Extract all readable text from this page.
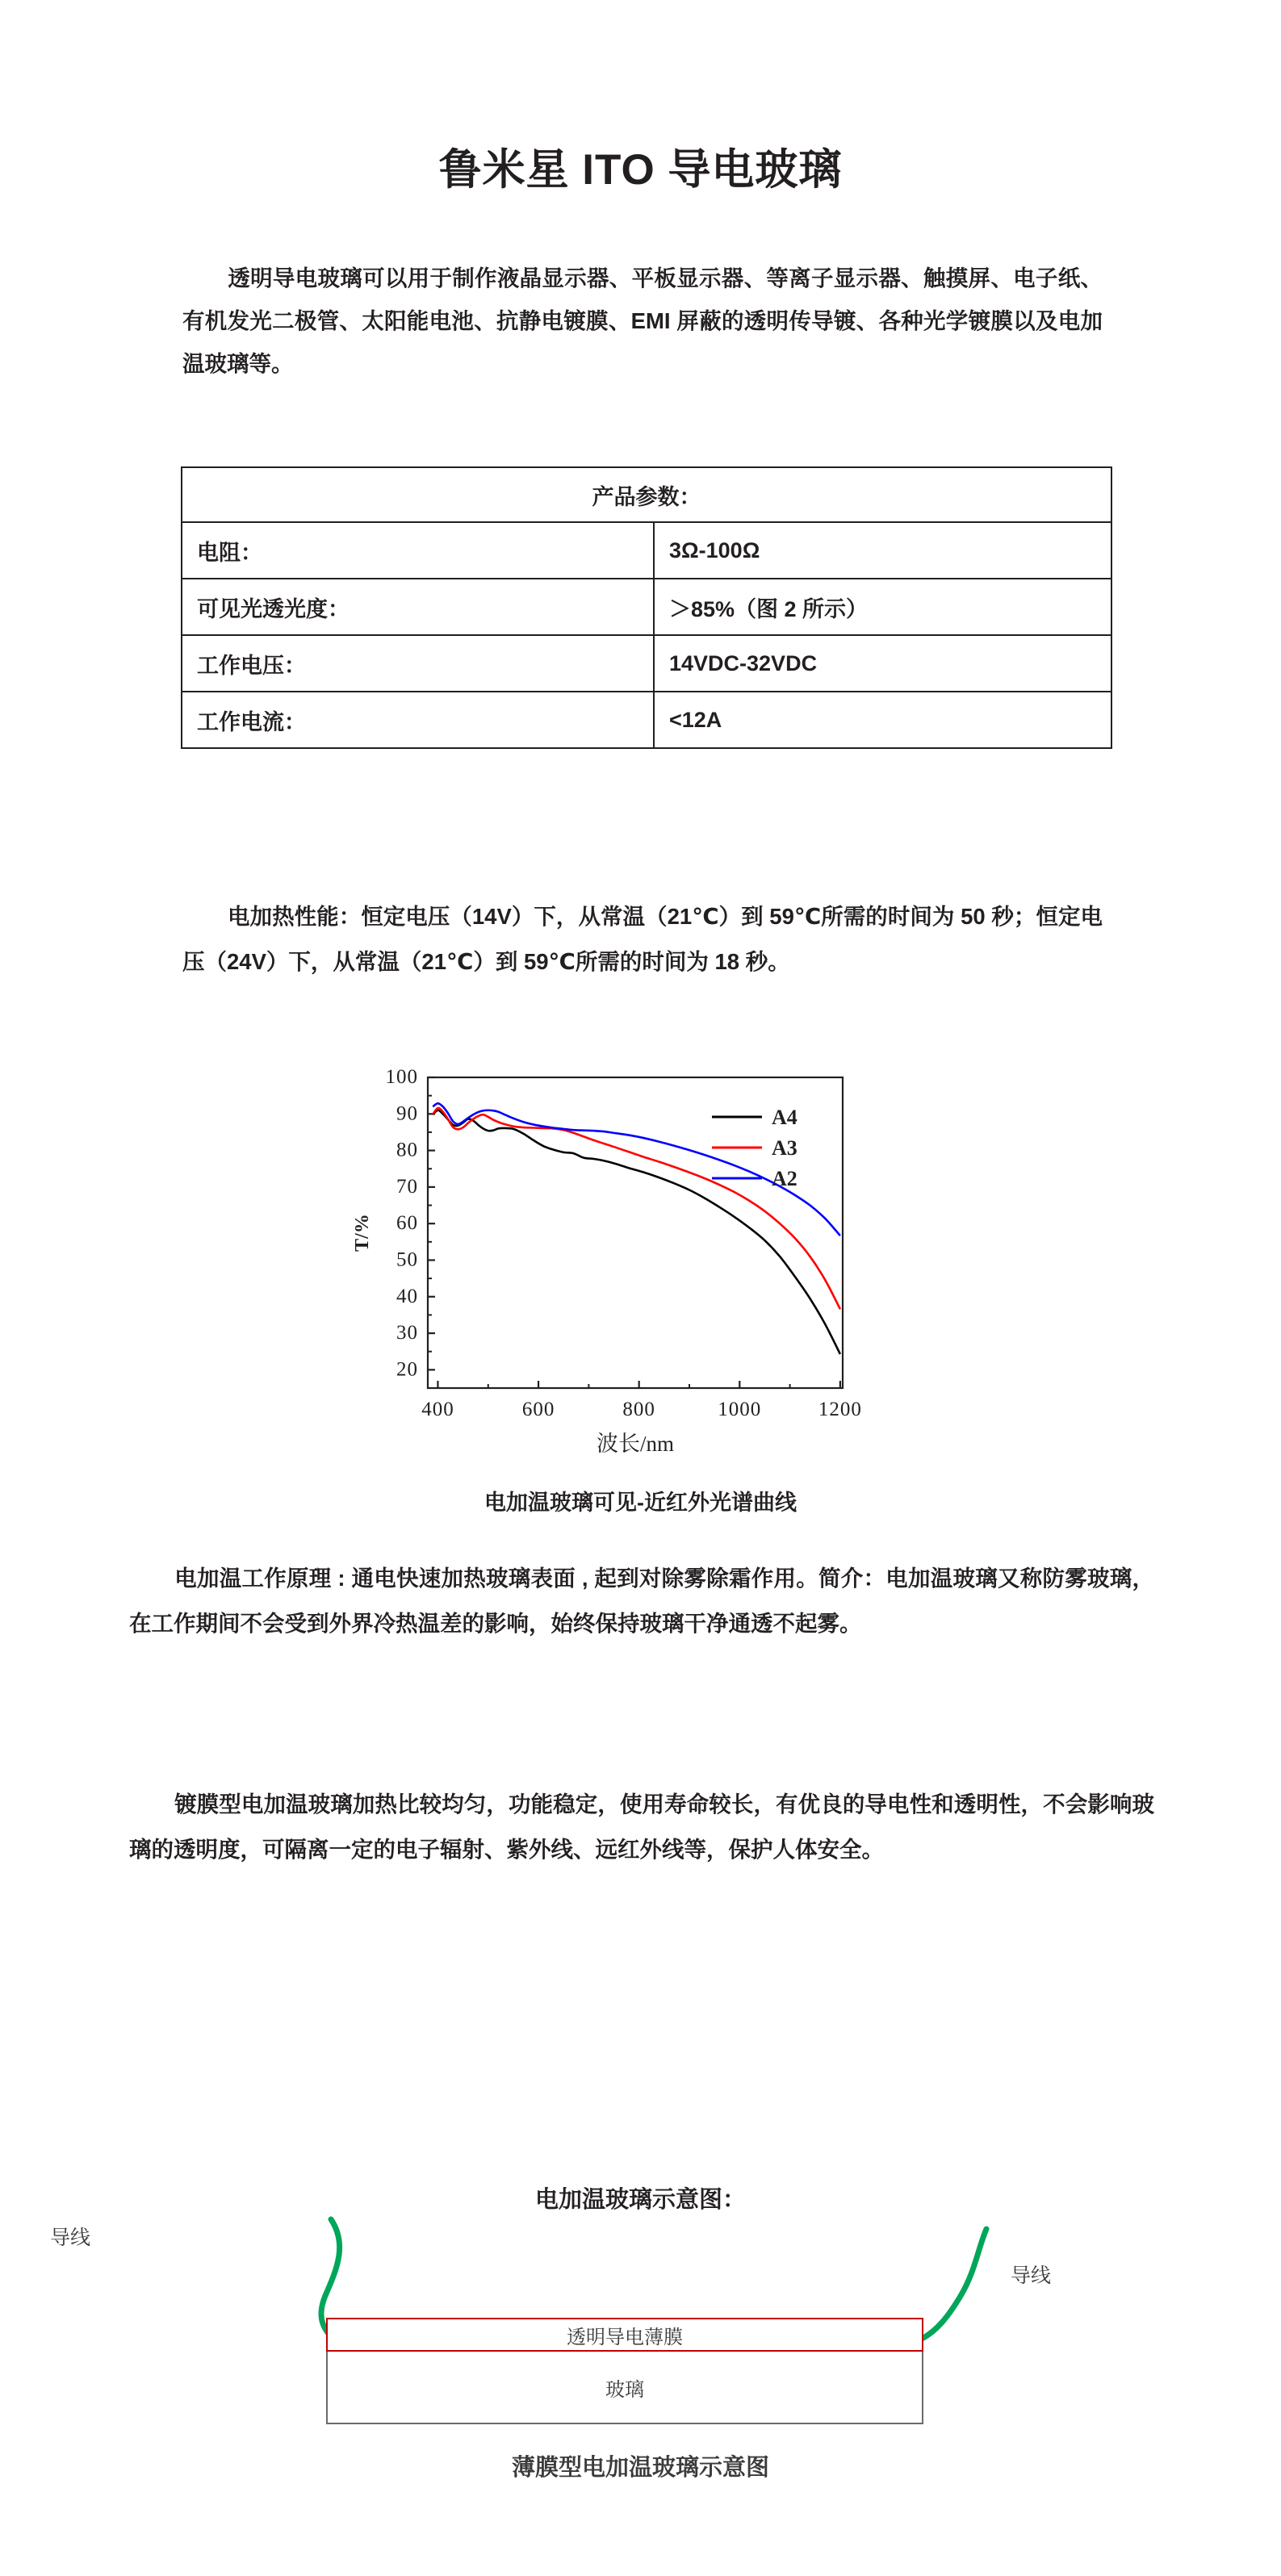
鲁米星 ITO 导电玻璃

透明导电玻璃可以用于制作液晶显示器、平板显示器、等离子显示器、触摸屏、电子纸、有机发光二极管、太阳能电池、抗静电镀膜、EMI 屏蔽的透明传导镀、各种光学镀膜以及电加温玻璃等。

产品参数：	
电阻：	3Ω-100Ω
可见光透光度：	＞85%（图 2 所示）
工作电压：	14VDC-32VDC
工作电流：	<12A

电加热性能：恒定电压（14V）下，从常温（21℃）到 59℃所需的时间为 50 秒；恒定电压（24V）下，从常温（21℃）到 59℃所需的时间为 18 秒。

20
30
40
50
60
70
80
90
100
400	600	800	1000	1200
波长/nm
T/%
A4
A3
A2
电加温玻璃可见-近红外光谱曲线

电加温工作原理 : 通电快速加热玻璃表面 , 起到对除雾除霜作用。简介：电加温玻璃又称防雾玻璃，在工作期间不会受到外界冷热温差的影响，始终保持玻璃干净通透不起雾。

镀膜型电加温玻璃加热比较均匀，功能稳定，使用寿命较长，有优良的导电性和透明性，不会影响玻璃的透明度，可隔离一定的电子辐射、紫外线、远红外线等，保护人体安全。

电加温玻璃示意图：
导线
导线
透明导电薄膜
玻璃
薄膜型电加温玻璃示意图
